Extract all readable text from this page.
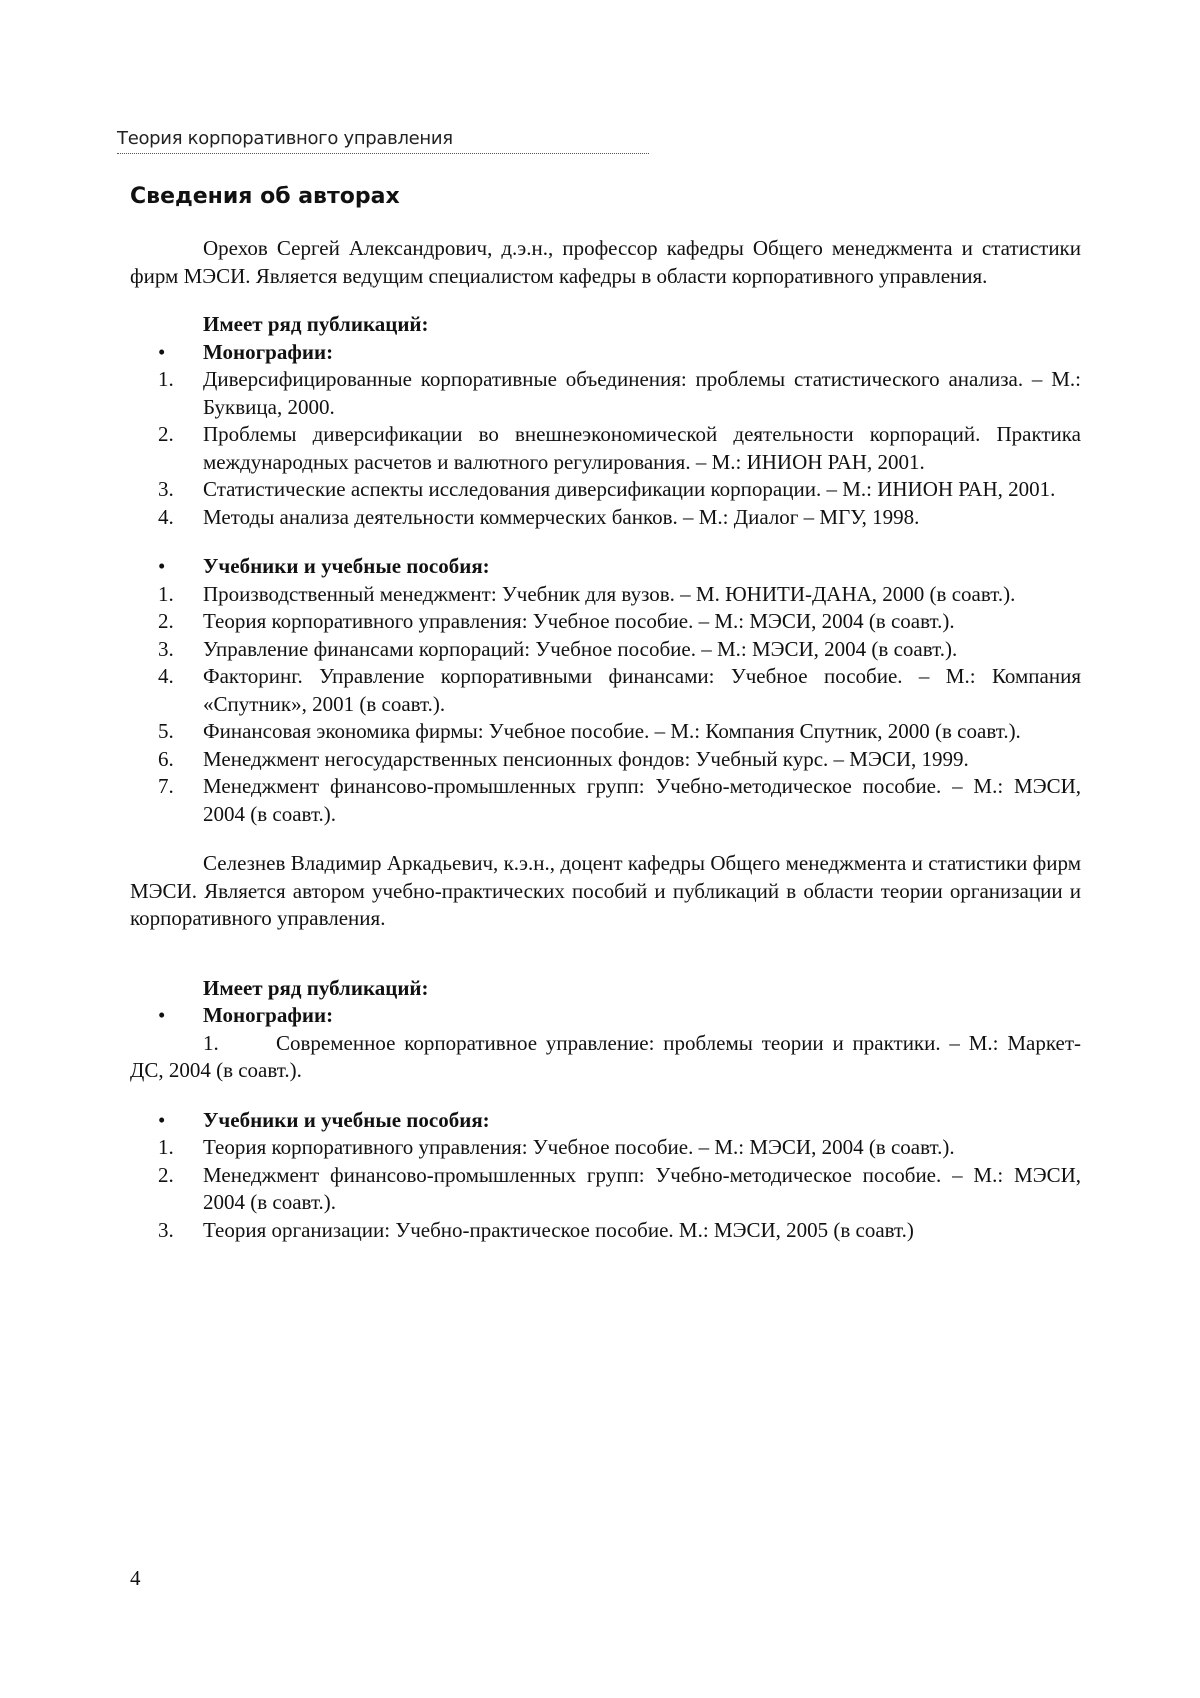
Теория корпоративного управления
Сведения об авторах

Орехов Сергей Александрович, д.э.н., профессор кафедры Общего менеджмента и статистики фирм МЭСИ. Является ведущим специалистом кафедры в области корпоративного управления.

Имеет ряд публикаций:

• Монографии:
1. Диверсифицированные корпоративные объединения: проблемы статистического анализа. – М.: Буквица, 2000.
2. Проблемы диверсификации во внешнеэкономической деятельности корпораций. Практика международных расчетов и валютного регулирования. – М.: ИНИОН РАН, 2001.
3. Статистические аспекты исследования диверсификации корпорации. – М.: ИНИОН РАН, 2001.
4. Методы анализа деятельности коммерческих банков. – М.: Диалог – МГУ, 1998.
• Учебники и учебные пособия:
1. Производственный менеджмент: Учебник для вузов. – М. ЮНИТИ-ДАНА, 2000 (в соавт.).
2. Теория корпоративного управления: Учебное пособие. – М.: МЭСИ, 2004 (в соавт.).
3. Управление финансами корпораций: Учебное пособие. – М.: МЭСИ, 2004 (в соавт.).
4. Факторинг. Управление корпоративными финансами: Учебное пособие. – М.: Компания «Спутник», 2001 (в соавт.).
5. Финансовая экономика фирмы: Учебное пособие. – М.: Компания Спутник, 2000 (в соавт.).
6. Менеджмент негосударственных пенсионных фондов: Учебный курс. – МЭСИ, 1999.
7. Менеджмент финансово-промышленных групп: Учебно-методическое пособие. – М.: МЭСИ, 2004 (в соавт.).

Селезнев Владимир Аркадьевич, к.э.н., доцент кафедры Общего менеджмента и статистики фирм МЭСИ. Является автором учебно-практических пособий и публикаций в области теории организации и корпоративного управления.

Имеет ряд публикаций:

• Монографии:

1.	Современное корпоративное управление: проблемы теории и практики. – М.: Маркет-ДС, 2004 (в соавт.).

• Учебники и учебные пособия:
1. Теория корпоративного управления: Учебное пособие. – М.: МЭСИ, 2004 (в соавт.).
2. Менеджмент финансово-промышленных групп: Учебно-методическое пособие. – М.: МЭСИ, 2004 (в соавт.).
3. Теория организации: Учебно-практическое пособие. М.: МЭСИ, 2005 (в соавт.)
4
